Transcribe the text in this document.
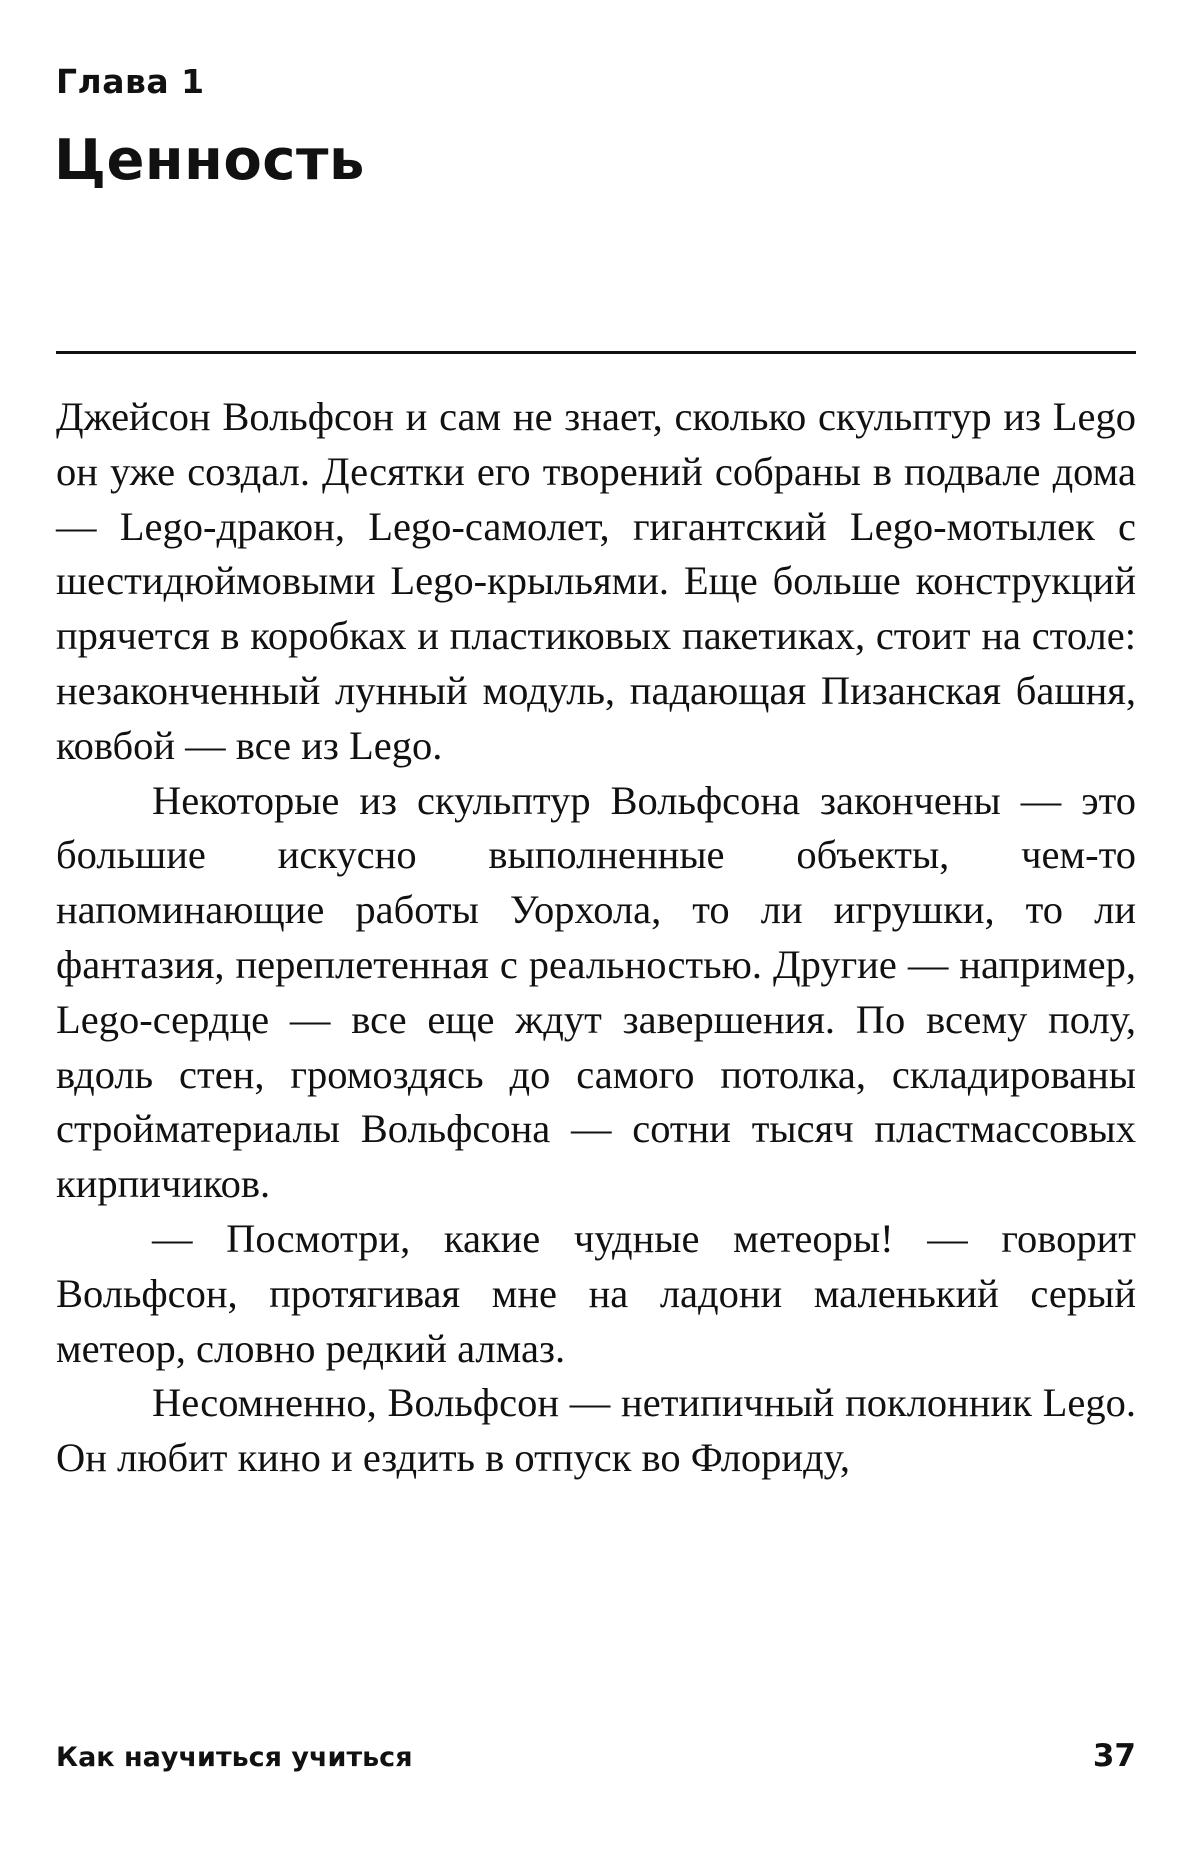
Глава 1
Ценность

Джейсон Вольфсон и сам не знает, сколько скульптур из Lego он уже создал. Десятки его творений собраны в подвале дома — Lego-дракон, Lego-самолет, гигантский Lego-мотылек с шестидюймовыми Lego-крыльями. Еще больше конструкций прячется в коробках и пластиковых пакетиках, стоит на столе: незаконченный лунный модуль, падающая Пизанская башня, ковбой — все из Lego.

Некоторые из скульптур Вольфсона закончены — это большие искусно выполненные объекты, чем-то напоминающие работы Уорхола, то ли игрушки, то ли фантазия, переплетенная с реальностью. Другие — например, Lego-сердце — все еще ждут завершения. По всему полу, вдоль стен, громоздясь до самого потолка, складированы стройматериалы Вольфсона — сотни тысяч пластмассовых кирпичиков.

— Посмотри, какие чудные метеоры! — говорит Вольфсон, протягивая мне на ладони маленький серый метеор, словно редкий алмаз.

Несомненно, Вольфсон — нетипичный поклонник Lego. Он любит кино и ездить в отпуск во Флориду,

Как научиться учиться	37
